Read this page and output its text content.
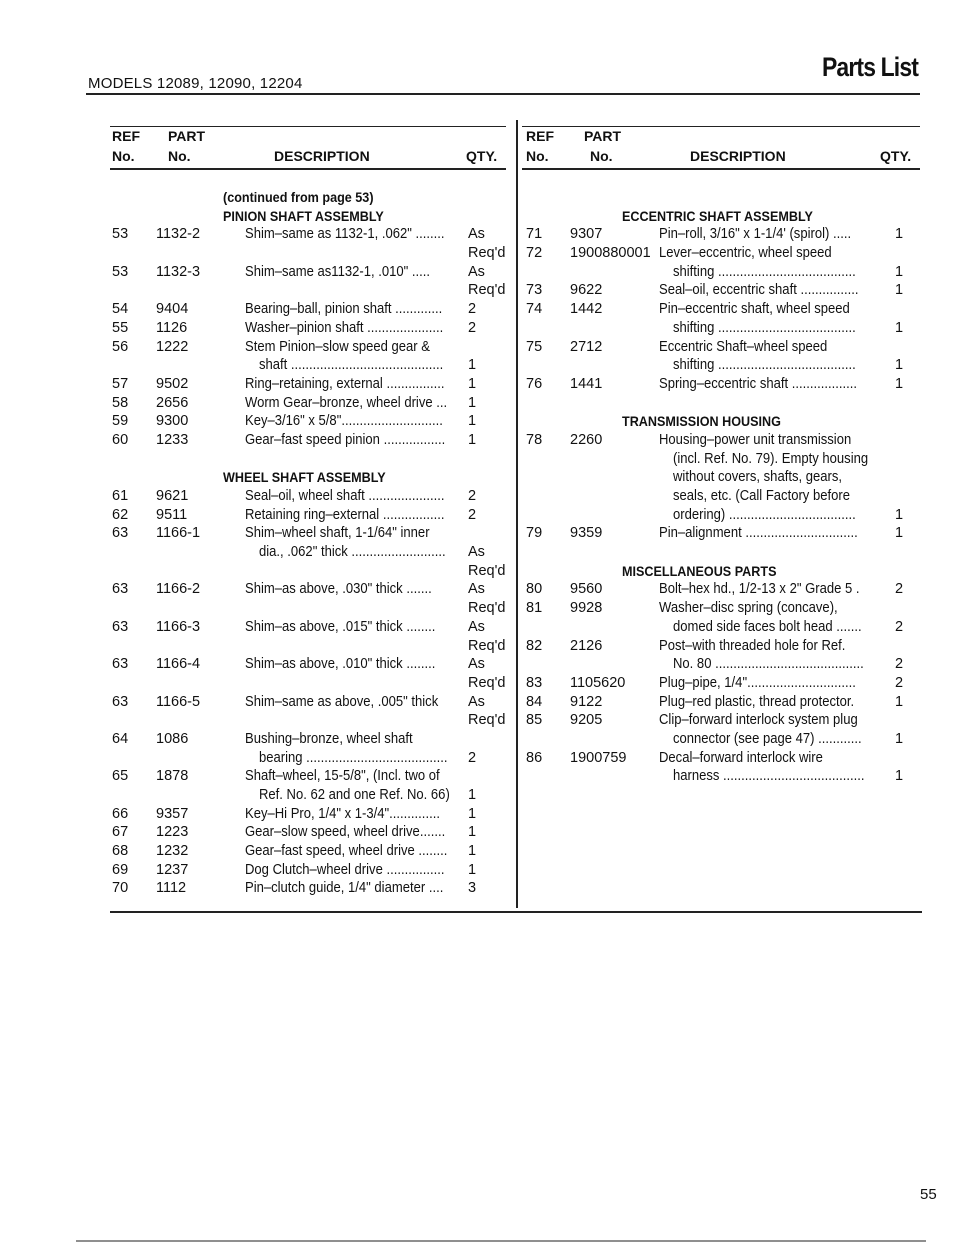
MODELS 12089, 12090, 12204
Parts List
REF
No.
PART
No.	DESCRIPTION	QTY.
(continued from page 53)
PINION SHAFT ASSEMBLY
53 1132-2	Shim–same as 1132-1, .062" ........ As
Req'd
53 1132-3	Shim–same as1132-1, .010" .....	As
Req'd
54 9404	Bearing–ball, pinion shaft ............. 2
55 1126	Washer–pinion shaft ..................... 2
56 1222	Stem Pinion–slow speed gear &
shaft .......................................... 1
57 9502	Ring–retaining, external ................ 1
58 2656	Worm Gear–bronze, wheel drive ... 1
59 9300	Key–3/16" x 5/8"............................ 1
60 1233	Gear–fast speed pinion ................. 1
WHEEL SHAFT ASSEMBLY
61 9621	Seal–oil, wheel shaft ..................... 2
62 9511	Retaining ring–external ................. 2
63 1166-1	Shim–wheel shaft, 1-1/64" inner
dia., .062" thick .......................... As
Req'd
63 1166-2	Shim–as above, .030" thick .......	As
Req'd
63 1166-3	Shim–as above, .015" thick ........ As
Req'd
63 1166-4	Shim–as above, .010" thick ........ As
Req'd
63 1166-5	Shim–same as above, .005" thick As
Req'd
64 1086	Bushing–bronze, wheel shaft
bearing ....................................... 2
65 1878	Shaft–wheel, 15-5/8", (Incl. two of
Ref. No. 62 and one Ref. No. 66) 1
66 9357	Key–Hi Pro, 1/4" x 1-3/4".............. 1
67 1223	Gear–slow speed, wheel drive....... 1
68 1232	Gear–fast speed, wheel drive ........ 1
69 1237	Dog Clutch–wheel drive ................ 1
70 1112	Pin–clutch guide, 1/4" diameter .... 3
REF
No.
PART
No.	DESCRIPTION	QTY.
ECCENTRIC SHAFT ASSEMBLY
71 9307	Pin–roll, 3/16" x 1-1/4' (spirol) .....	1
72 1900880001 Lever–eccentric, wheel speed
shifting ......................................	1
73 9622	Seal–oil, eccentric shaft ................	1
74 1442	Pin–eccentric shaft, wheel speed
shifting ......................................	1
75 2712	Eccentric Shaft–wheel speed
shifting ......................................	1
76 1441	Spring–eccentric shaft ..................	1
TRANSMISSION HOUSING
78 2260	Housing–power unit transmission
(incl. Ref. No. 79). Empty housing
without covers, shafts, gears,
seals, etc. (Call Factory before
ordering) ...................................	1
79 9359	Pin–alignment ...............................	1
MISCELLANEOUS PARTS
80 9560	Bolt–hex hd., 1/2-13 x 2" Grade 5 . 2
81 9928	Washer–disc spring (concave),
domed side faces bolt head ....... 2
82 2126	Post–with threaded hole for Ref.
No. 80 ......................................... 2
83 1105620 Plug–pipe, 1/4"..............................	2
84 9122	Plug–red plastic, thread protector.	1
85 9205	Clip–forward interlock system plug
connector (see page 47) ............ 1
86 1900759 Decal–forward interlock wire
harness ....................................... 1
55
